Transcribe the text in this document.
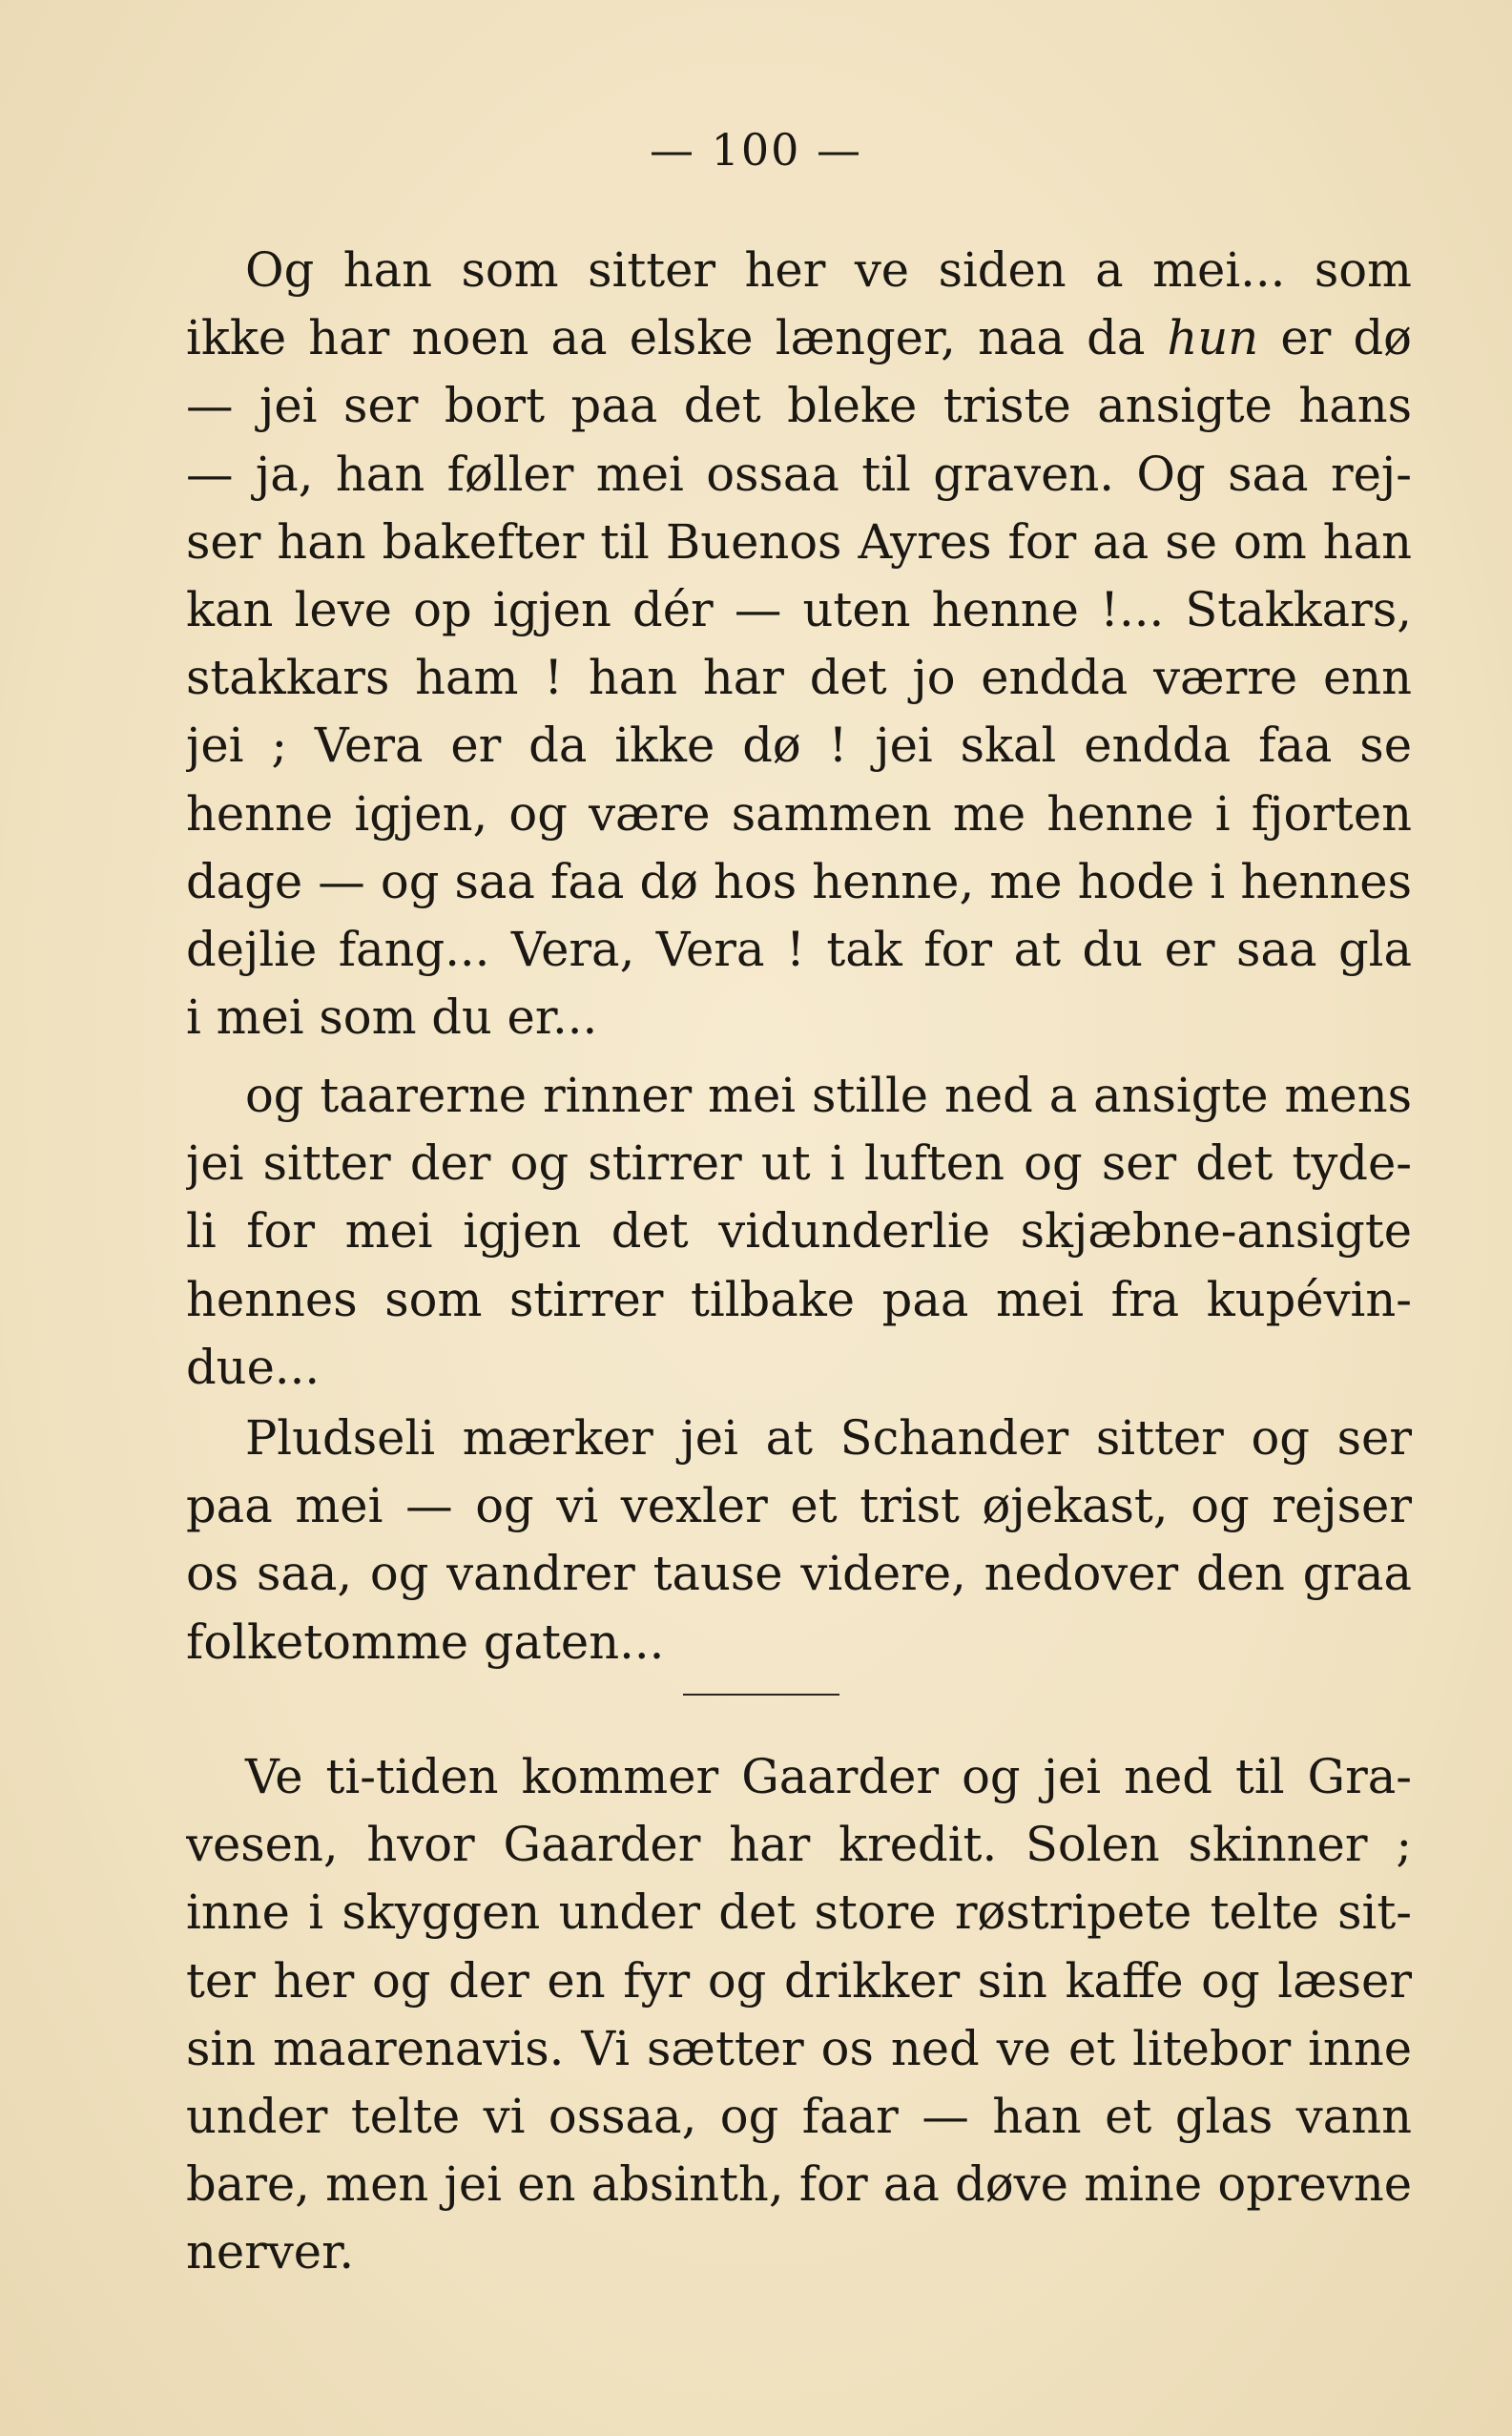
— 100 —
Og han som sitter her ve siden a mei... som
ikke har noen aa elske længer, naa da hun er dø
— jei ser bort paa det bleke triste ansigte hans
— ja, han føller mei ossaa til graven. Og saa rej-
ser han bakefter til Buenos Ayres for aa se om han
kan leve op igjen dér — uten henne !... Stakkars,
stakkars ham ! han har det jo endda værre enn
jei ; Vera er da ikke dø ! jei skal endda faa se
henne igjen, og være sammen me henne i fjorten
dage — og saa faa dø hos henne, me hode i hennes
dejlie fang... Vera, Vera ! tak for at du er saa gla
i mei som du er...
og taarerne rinner mei stille ned a ansigte mens
jei sitter der og stirrer ut i luften og ser det tyde-
li for mei igjen det vidunderlie skjæbne-ansigte
hennes som stirrer tilbake paa mei fra kupévin-
due...
Pludseli mærker jei at Schander sitter og ser
paa mei — og vi vexler et trist øjekast, og rejser
os saa, og vandrer tause videre, nedover den graa
folketomme gaten...
Ve ti-tiden kommer Gaarder og jei ned til Gra-
vesen, hvor Gaarder har kredit. Solen skinner ;
inne i skyggen under det store røstripete telte sit-
ter her og der en fyr og drikker sin kaffe og læser
sin maarenavis. Vi sætter os ned ve et litebor inne
under telte vi ossaa, og faar — han et glas vann
bare, men jei en absinth, for aa døve mine oprevne
nerver.
